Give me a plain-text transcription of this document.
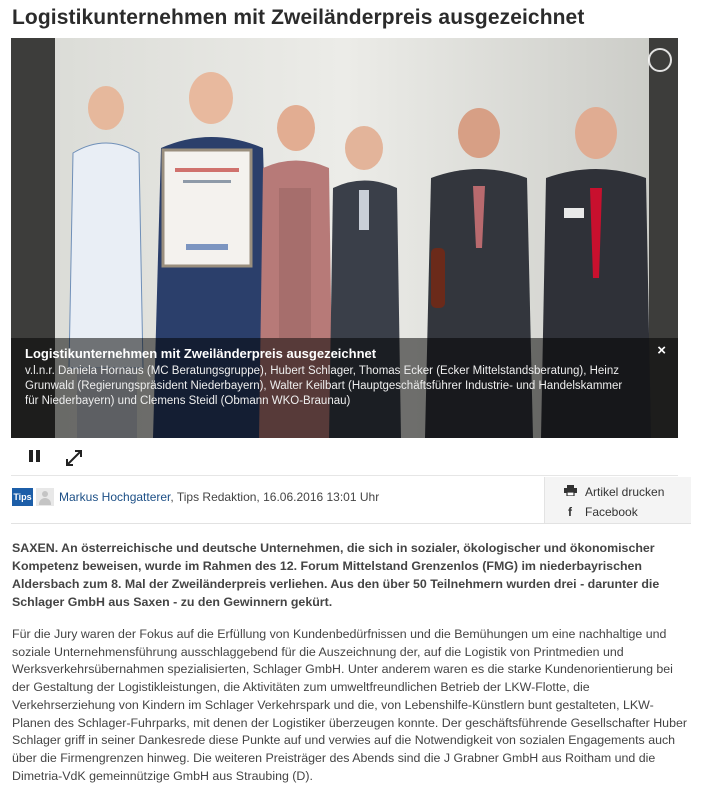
Logistikunternehmen mit Zweiländerpreis ausgezeichnet
Logistikunternehmen mit Zweiländerpreis ausgezeichnet
v.l.n.r. Daniela Hornaus (MC Beratungsgruppe), Hubert Schlager, Thomas Ecker (Ecker Mittelstandsberatung), Heinz Grunwald (Regierungspräsident Niederbayern), Walter Keilbart (Hauptgeschäftsführer Industrie- und Handelskammer für Niederbayern) und Clemens Steidl (Obmann WKO-Braunau)
×
Tips Markus Hochgatterer, Tips Redaktion, 16.06.2016 13:01 Uhr	Artikel drucken
f Facebook

SAXEN. An österreichische und deutsche Unternehmen, die sich in sozialer, ökologischer und ökonomischer Kompetenz beweisen, wurde im Rahmen des 12. Forum Mittelstand Grenzenlos (FMG) im niederbayrischen Aldersbach zum 8. Mal der Zweiländerpreis verliehen. Aus den über 50 Teilnehmern wurden drei - darunter die Schlager GmbH aus Saxen - zu den Gewinnern gekürt.

Für die Jury waren der Fokus auf die Erfüllung von Kundenbedürfnissen und die Bemühungen um eine nachhaltige und soziale Unternehmensführung ausschlaggebend für die Auszeichnung der, auf die Logistik von Printmedien und Werksverkehrsübernahmen spezialisierten, Schlager GmbH. Unter anderem waren es die starke Kundenorientierung bei der Gestaltung der Logistikleistungen, die Aktivitäten zum umweltfreundlichen Betrieb der LKW-Flotte, die Verkehrserziehung von Kindern im Schlager Verkehrspark und die, von Lebenshilfe-Künstlern bunt gestalteten, LKW-Planen des Schlager-Fuhrparks, mit denen der Logistiker überzeugen konnte. Der geschäftsführende Gesellschafter Huber Schlager griff in seiner Dankesrede diese Punkte auf und verwies auf die Notwendigkeit von sozialen Engagements auch über die Firmengrenzen hinweg. Die weiteren Preisträger des Abends sind die J Grabner GmbH aus Roitham und die Dimetria-VdK gemeinnützige GmbH aus Straubing (D).
